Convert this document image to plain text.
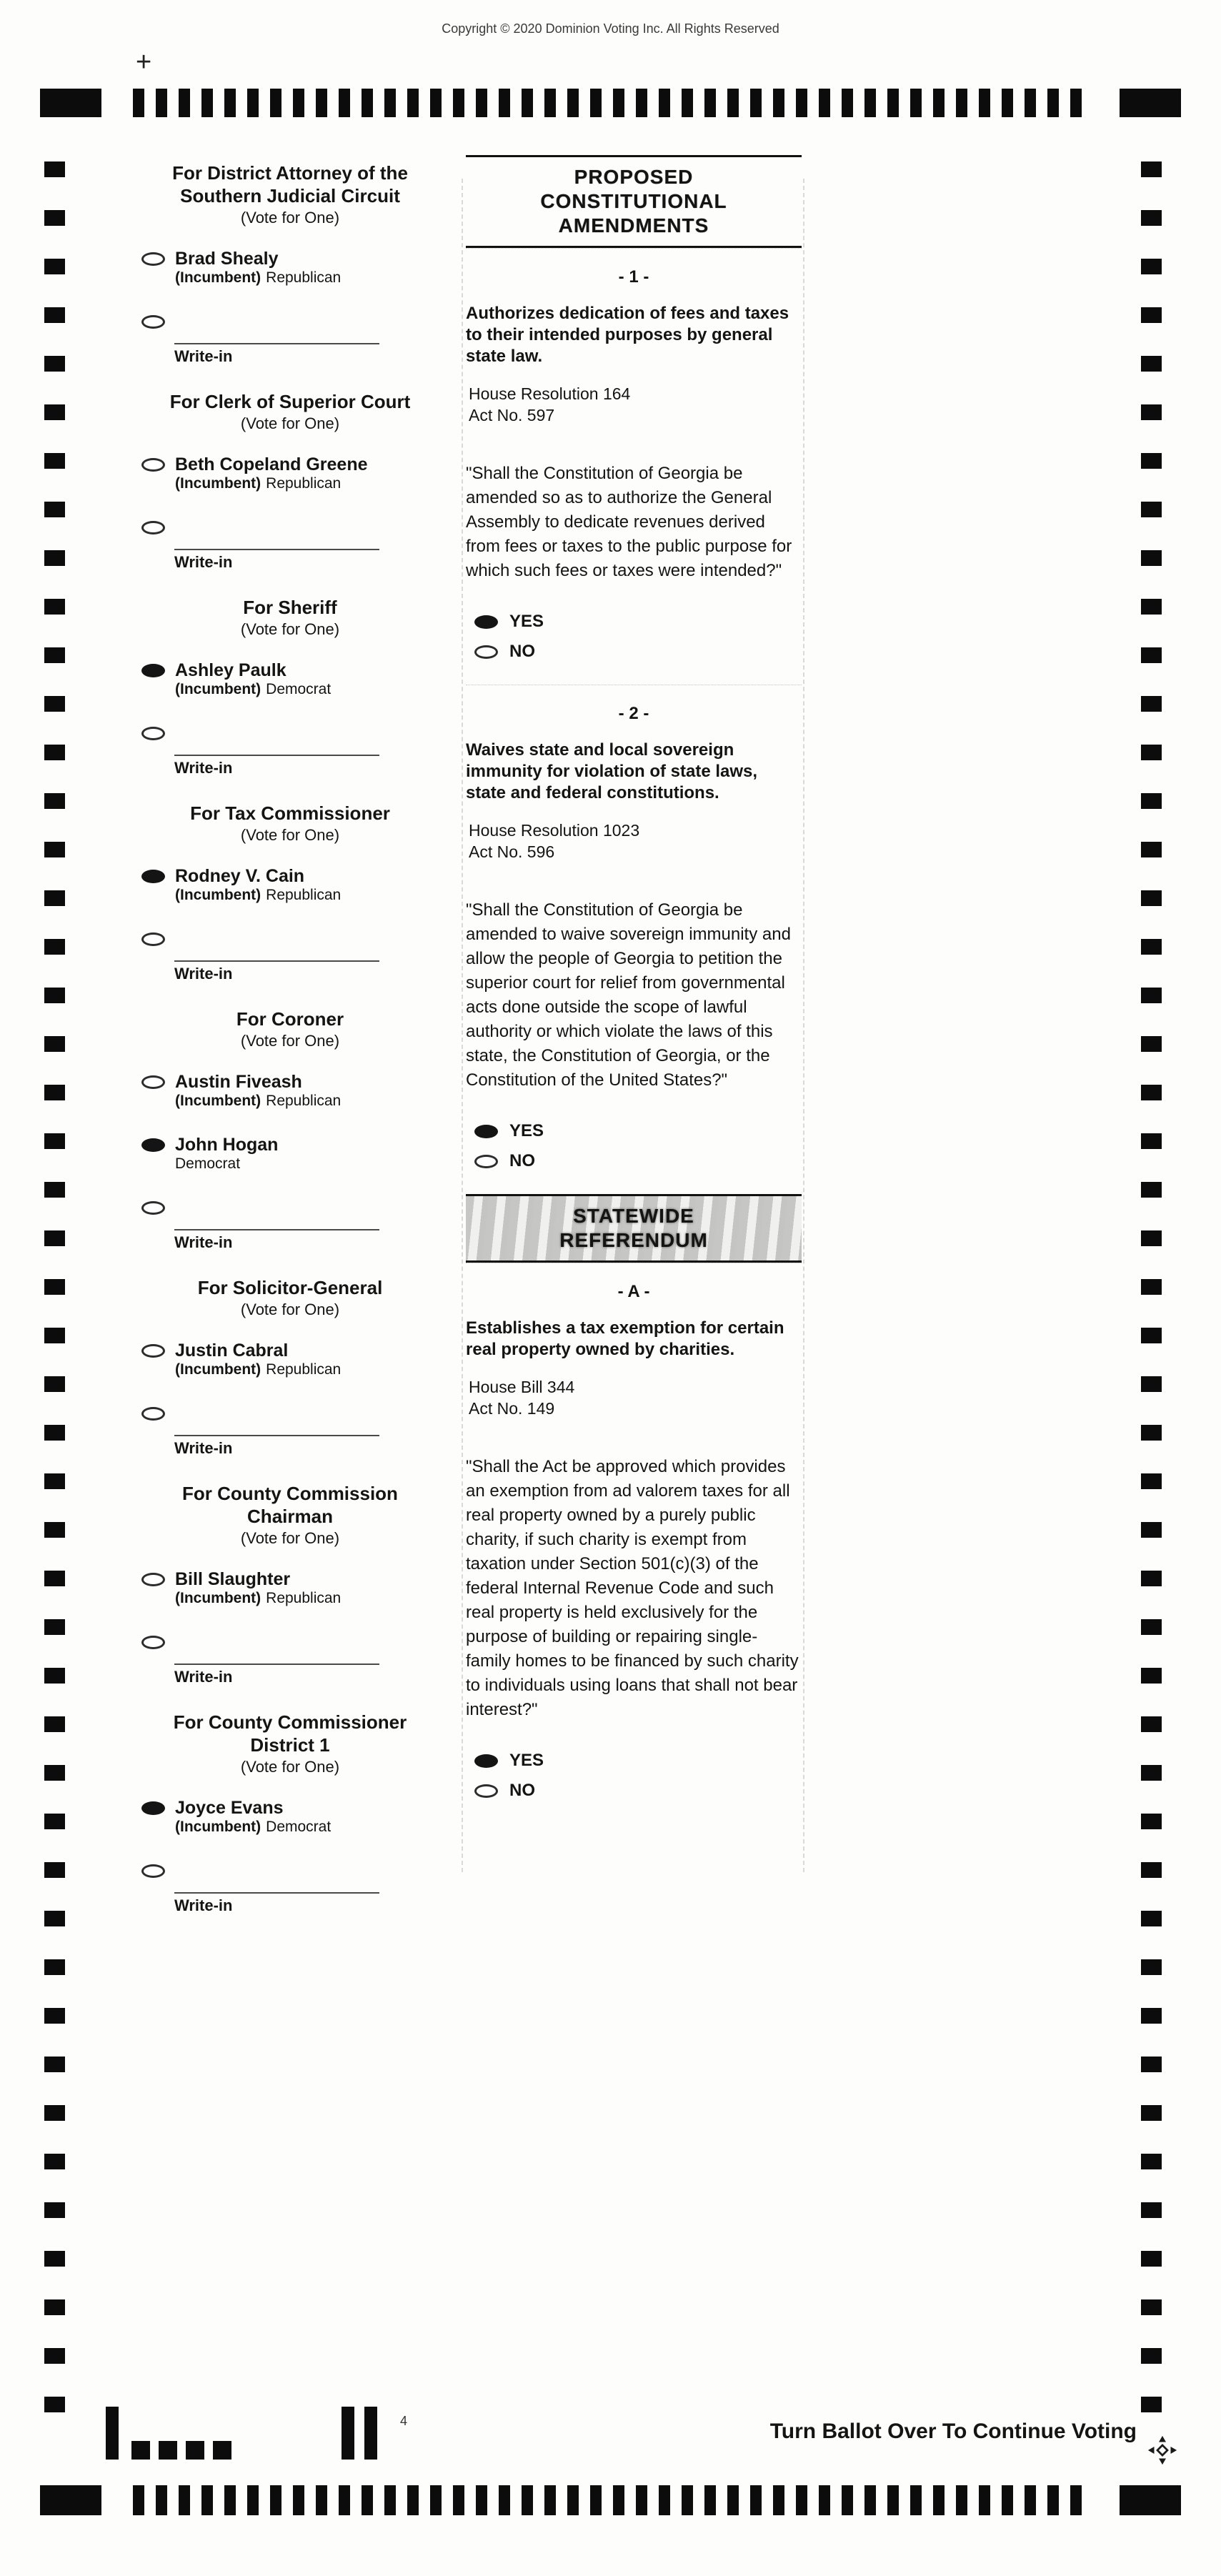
Copyright © 2020 Dominion Voting Inc. All Rights Reserved
+
For District Attorney of the Southern Judicial Circuit
(Vote for One)
Brad Shealy
(Incumbent) Republican
Write-in
For Clerk of Superior Court
(Vote for One)
Beth Copeland Greene
(Incumbent) Republican
Write-in
For Sheriff
(Vote for One)
Ashley Paulk
(Incumbent) Democrat
Write-in
For Tax Commissioner
(Vote for One)
Rodney V. Cain
(Incumbent) Republican
Write-in
For Coroner
(Vote for One)
Austin Fiveash
(Incumbent) Republican
John Hogan
Democrat
Write-in
For Solicitor-General
(Vote for One)
Justin Cabral
(Incumbent) Republican
Write-in
For County Commission Chairman
(Vote for One)
Bill Slaughter
(Incumbent) Republican
Write-in
For County Commissioner District 1
(Vote for One)
Joyce Evans
(Incumbent) Democrat
Write-in
PROPOSED CONSTITUTIONAL AMENDMENTS
- 1 -

Authorizes dedication of fees and taxes to their intended purposes by general state law.

House Resolution 164
Act No. 597

"Shall the Constitution of Georgia be amended so as to authorize the General Assembly to dedicate revenues derived from fees or taxes to the public purpose for which such fees or taxes were intended?"

YES
NO
- 2 -

Waives state and local sovereign immunity for violation of state laws, state and federal constitutions.

House Resolution 1023
Act No. 596

"Shall the Constitution of Georgia be amended to waive sovereign immunity and allow the people of Georgia to petition the superior court for relief from governmental acts done outside the scope of lawful authority or which violate the laws of this state, the Constitution of Georgia, or the Constitution of the United States?"

YES
NO
STATEWIDE REFERENDUM
- A -

Establishes a tax exemption for certain real property owned by charities.

House Bill 344
Act No. 149

"Shall the Act be approved which provides an exemption from ad valorem taxes for all real property owned by a purely public charity, if such charity is exempt from taxation under Section 501(c)(3) of the federal Internal Revenue Code and such real property is held exclusively for the purpose of building or repairing single-family homes to be financed by such charity to individuals using loans that shall not bear interest?"

YES
NO
4	Turn Ballot Over To Continue Voting
